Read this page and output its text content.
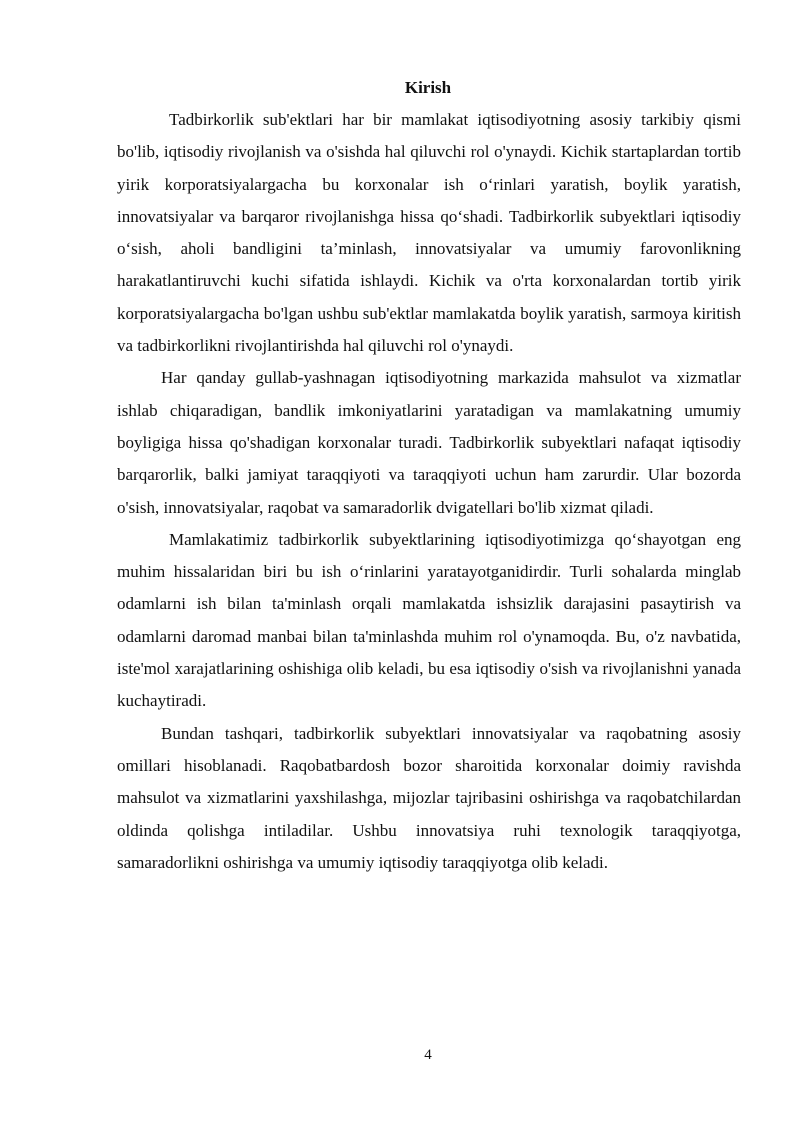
Kirish

Tadbirkorlik sub'ektlari har bir mamlakat iqtisodiyotning asosiy tarkibiy qismi bo'lib, iqtisodiy rivojlanish va o'sishda hal qiluvchi rol o'ynaydi. Kichik startaplardan tortib yirik korporatsiyalargacha bu korxonalar ish o‘rinlari yaratish, boylik yaratish, innovatsiyalar va barqaror rivojlanishga hissa qo‘shadi. Tadbirkorlik subyektlari iqtisodiy o‘sish, aholi bandligini ta’minlash, innovatsiyalar va umumiy farovonlikning harakatlantiruvchi kuchi sifatida ishlaydi. Kichik va o'rta korxonalardan tortib yirik korporatsiyalargacha bo'lgan ushbu sub'ektlar mamlakatda boylik yaratish, sarmoya kiritish va tadbirkorlikni rivojlantirishda hal qiluvchi rol o'ynaydi.

Har qanday gullab-yashnagan iqtisodiyotning markazida mahsulot va xizmatlar ishlab chiqaradigan, bandlik imkoniyatlarini yaratadigan va mamlakatning umumiy boyligiga hissa qo'shadigan korxonalar turadi. Tadbirkorlik subyektlari nafaqat iqtisodiy barqarorlik, balki jamiyat taraqqiyoti va taraqqiyoti uchun ham zarurdir. Ular bozorda o'sish, innovatsiyalar, raqobat va samaradorlik dvigatellari bo'lib xizmat qiladi.

Mamlakatimiz tadbirkorlik subyektlarining iqtisodiyotimizga qo‘shayotgan eng muhim hissalaridan biri bu ish o‘rinlarini yaratayotganidirdir. Turli sohalarda minglab odamlarni ish bilan ta'minlash orqali mamlakatda ishsizlik darajasini pasaytirish va odamlarni daromad manbai bilan ta'minlashda muhim rol o'ynamoqda. Bu, o'z navbatida, iste'mol xarajatlarining oshishiga olib keladi, bu esa iqtisodiy o'sish va rivojlanishni yanada kuchaytiradi.

Bundan tashqari, tadbirkorlik subyektlari innovatsiyalar va raqobatning asosiy omillari hisoblanadi. Raqobatbardosh bozor sharoitida korxonalar doimiy ravishda mahsulot va xizmatlarini yaxshilashga, mijozlar tajribasini oshirishga va raqobatchilardan oldinda qolishga intiladilar. Ushbu innovatsiya ruhi texnologik taraqqiyotga, samaradorlikni oshirishga va umumiy iqtisodiy taraqqiyotga olib keladi.

4
